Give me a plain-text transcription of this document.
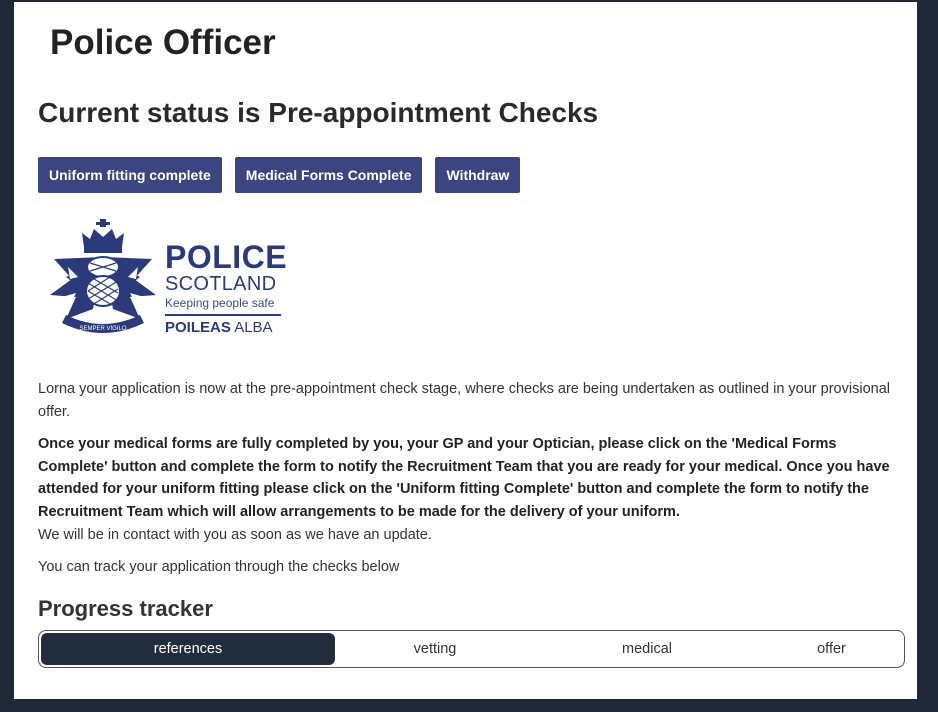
Police Officer
Current status is Pre-appointment Checks
Uniform fitting complete	Medical Forms Complete	Withdraw
SEMPER VIGILO
POLICE
SCOTLAND
Keeping people safe
POILEAS ALBA

Lorna your application is now at the pre-appointment check stage, where checks are being undertaken as outlined in your provisional offer.

Once your medical forms are fully completed by you, your GP and your Optician, please click on the 'Medical Forms Complete' button and complete the form to notify the Recruitment Team that you are ready for your medical. Once you have attended for your uniform fitting please click on the 'Uniform fitting Complete' button and complete the form to notify the Recruitment Team which will allow arrangements to be made for the delivery of your uniform.

We will be in contact with you as soon as we have an update.

You can track your application through the checks below

Progress tracker
references	vetting	medical	offer
